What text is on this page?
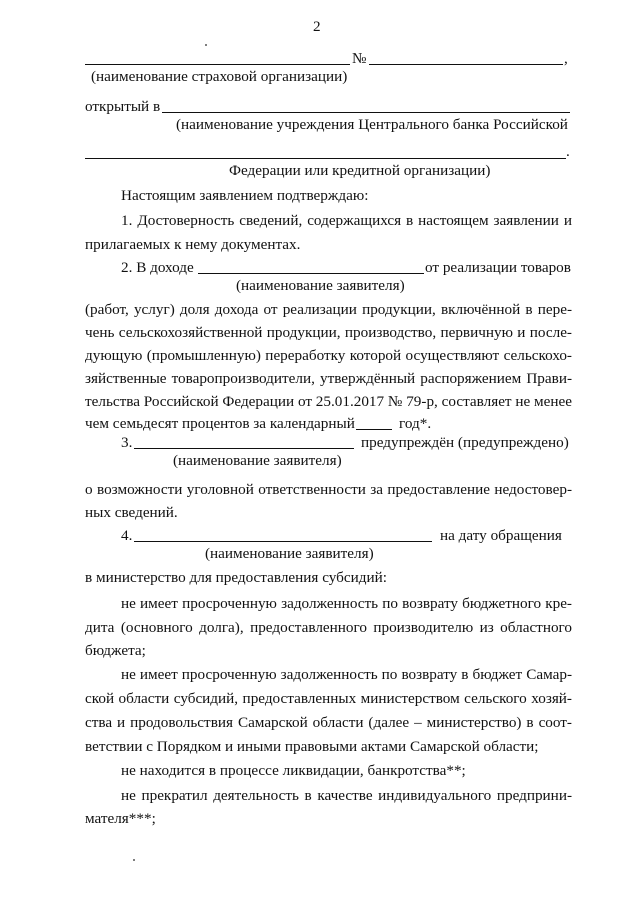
2
№	,
(наименование страховой организации)
открытый в
(наименование учреждения Центрального банка Российской
.
Федерации или кредитной организации)
Настоящим заявлением подтверждаю:
1. Достоверность сведений, содержащихся в настоящем заявлении и
прилагаемых к нему документах.
2. В доходе	от реализации товаров
(наименование заявителя)
(работ, услуг) доля дохода от реализации продукции, включённой в пере-
чень сельскохозяйственной продукции, производство, первичную и после-
дующую (промышленную) переработку которой осуществляют сельскохо-
зяйственные товаропроизводители, утверждённый распоряжением Прави-
тельства Российской Федерации от 25.01.2017 № 79-р, составляет не менее
чем семьдесят процентов за календарный	год*.
3.	предупреждён (предупреждено)
(наименование заявителя)
о возможности уголовной ответственности за предоставление недостовер-
ных сведений.
4.	на дату обращения
(наименование заявителя)
в министерство для предоставления субсидий:
не имеет просроченную задолженность по возврату бюджетного кре-
дита (основного долга), предоставленного производителю из областного
бюджета;
не имеет просроченную задолженность по возврату в бюджет Самар-
ской области субсидий, предоставленных министерством сельского хозяй-
ства и продовольствия Самарской области (далее – министерство) в соот-
ветствии с Порядком и иными правовыми актами Самарской области;
не находится в процессе ликвидации, банкротства**;
не прекратил деятельность в качестве индивидуального предприни-
мателя***;
